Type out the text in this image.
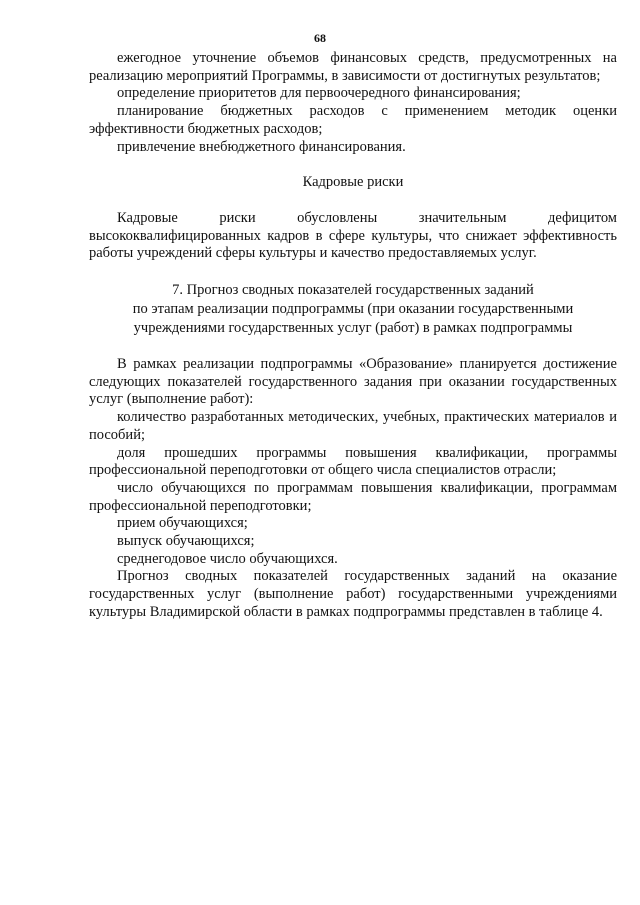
68

ежегодное уточнение объемов финансовых средств, предусмотренных на реализацию мероприятий Программы, в зависимости от достигнутых результатов;

определение приоритетов для первоочередного финансирования;

планирование бюджетных расходов с применением методик оценки эффективности бюджетных расходов;

привлечение внебюджетного финансирования.

Кадровые риски

Кадровые риски обусловлены значительным дефицитом высококвалифицированных кадров в сфере культуры, что снижает эффективность работы учреждений сферы культуры и качество предоставляемых услуг.

7. Прогноз сводных показателей государственных заданий
по этапам реализации подпрограммы (при оказании государственными
учреждениями государственных услуг (работ) в рамках подпрограммы

В рамках реализации подпрограммы «Образование» планируется достижение следующих показателей государственного задания при оказании государственных услуг (выполнение работ):

количество разработанных методических, учебных, практических материалов и пособий;

доля прошедших программы повышения квалификации, программы профессиональной переподготовки от общего числа специалистов отрасли;

число обучающихся по программам повышения квалификации, программам профессиональной переподготовки;

прием обучающихся;

выпуск обучающихся;

среднегодовое число обучающихся.

Прогноз сводных показателей государственных заданий на оказание государственных услуг (выполнение работ) государственными учреждениями культуры Владимирской области в рамках подпрограммы представлен в таблице 4.
